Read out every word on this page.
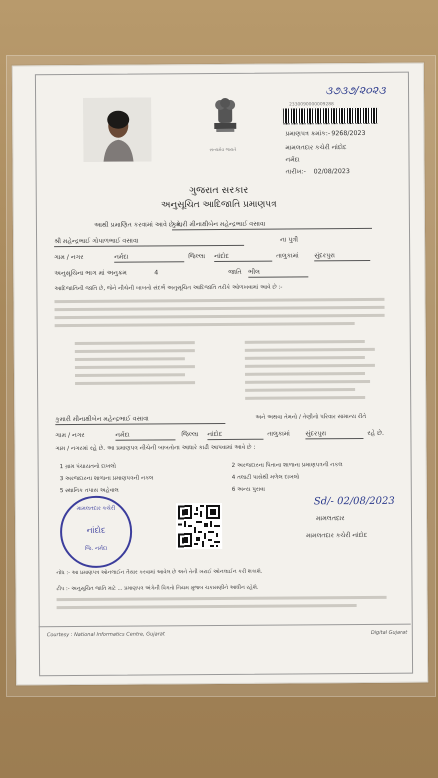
૩૭૩૭/૨૦૨૩
સત્યમેવ જયતે
2330090000009288
પ્રમાણપત્ર ક્રમાંક:- 9268/2023
મામલતદાર કચેરી નાંદોદ
નર્મદા
તારીખ:- 02/08/2023
ગુજરાત સરકાર
અનુસૂચિત આદિજાતિ પ્રમાણપત્ર
આથી પ્રમાણિત કરવામાં આવે છે કે,
કુમારી મીનાક્ષીબેન મહેન્દ્રભાઈ વસાવા
શ્રી મહેન્દ્રભાઈ ગોપાળભાઈ વસાવા	ના પુત્રી
ગામ / નગર	નર્મદા	જિલ્લા નાંદોદ	તાલુકામાં સુંદરપુરા
અનુસૂચિના ભાગ માં અનુક્રમ	4	જાતિ ભીલ
આદિજાતિની જાતિ છે, જેને નીચેની બાબતો સંદર્ભે અનુસૂચિત આદિજાતિ તરીકે ઓળખવામાં આવે છે :-
કુમારી મીનાક્ષીબેન મહેન્દ્રભાઈ વસાવા	અને અથવા તેમનો / તેણીનો પરિવાર સામાન્ય રીતે
ગામ / નગર	નર્મદા	જિલ્લા નાંદોદ	તાલુકામાં સુંદરપુરા	રહે છે.
ગામ / નગરમાં રહે છે. આ પ્રમાણપત્ર નીચેની બાબતોના આધારે કાઢી આપવામાં આવે છે :
1 ગ્રામ પંચાયતનો દાખલો	2 અરજદારના પિતાના શાળાના પ્રમાણપત્રની નકલ
3 અરજદારના શાળાના પ્રમાણપત્રની નકલ	4 તલાટી પાસેથી મળેલ દાખલો
5 સ્થાનિક તપાસ અહેવાલ	6 અન્ય પુરાવા
મામલતદાર કચેરી
નાંદોદ
જિ. નર્મદા
Sd/- 02/08/2023
મામલતદાર
મામલતદાર કચેરી નાંદોદ
નોંધ :- આ પ્રમાણપત્ર ઓનલાઈન તૈયાર કરવામાં આવેલ છે અને તેની ખરાઈ ઓનલાઈન કરી શકાશે.
ટીપ :- અનુસૂચિત જાતિ માટે ... પ્રમાણપત્ર અંગેની વિગતો નિયમ મુજબ ચકાસણીને આધીન રહેશે.
Courtesy : National Informatics Centre, Gujarat	Digital Gujarat
